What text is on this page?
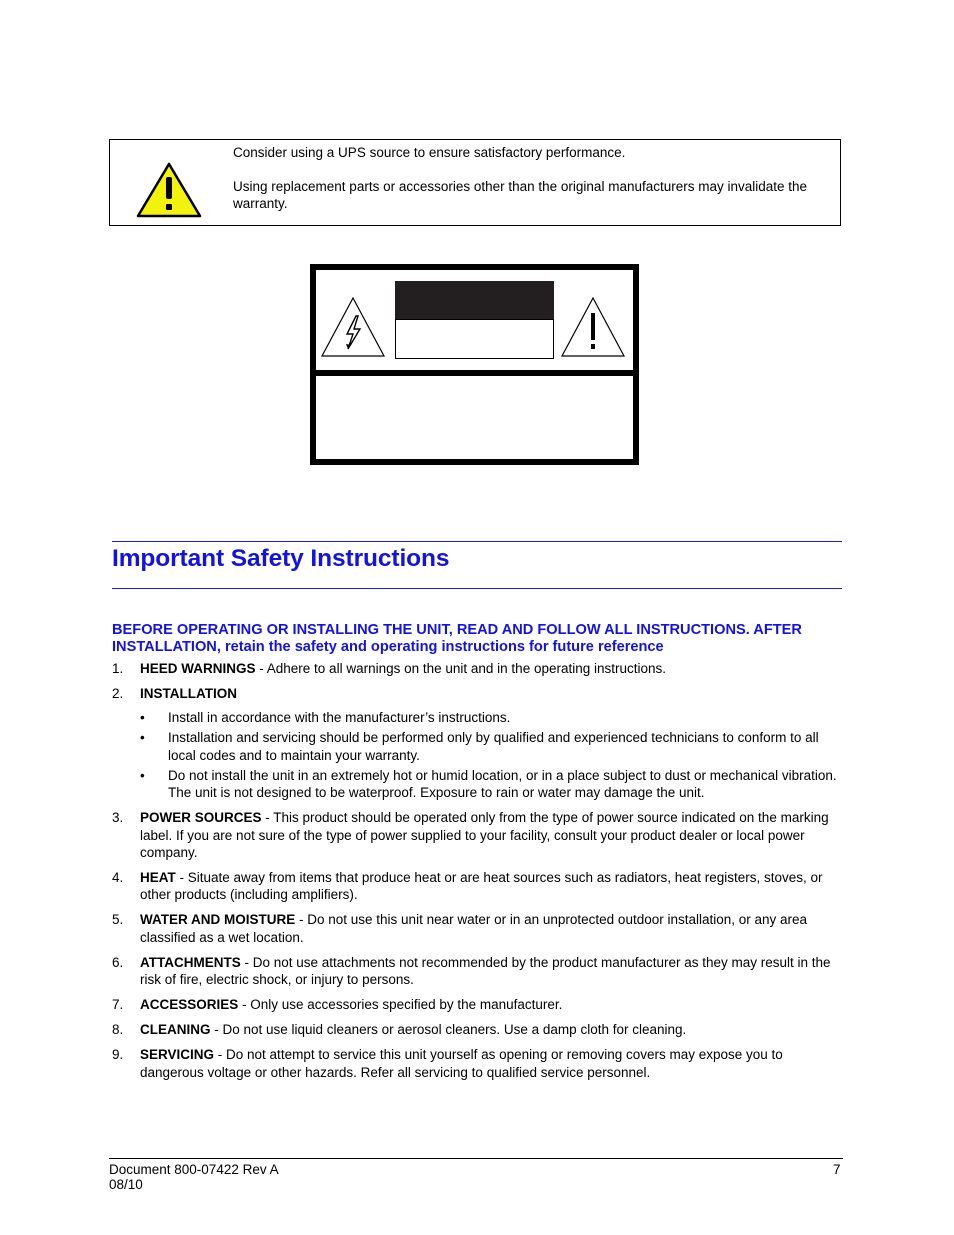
Consider using a UPS source to ensure satisfactory performance.
Using replacement parts or accessories other than the original manufacturers may invalidate the warranty.
Important Safety Instructions
BEFORE OPERATING OR INSTALLING THE UNIT, READ AND FOLLOW ALL INSTRUCTIONS. AFTER INSTALLATION, retain the safety and operating instructions for future reference
1. HEED WARNINGS - Adhere to all warnings on the unit and in the operating instructions.
2. INSTALLATION
• Install in accordance with the manufacturer’s instructions.
• Installation and servicing should be performed only by qualified and experienced technicians to conform to all local codes and to maintain your warranty.
• Do not install the unit in an extremely hot or humid location, or in a place subject to dust or mechanical vibration. The unit is not designed to be waterproof. Exposure to rain or water may damage the unit.
3. POWER SOURCES - This product should be operated only from the type of power source indicated on the marking label. If you are not sure of the type of power supplied to your facility, consult your product dealer or local power company.
4. HEAT - Situate away from items that produce heat or are heat sources such as radiators, heat registers, stoves, or other products (including amplifiers).
5. WATER AND MOISTURE - Do not use this unit near water or in an unprotected outdoor installation, or any area classified as a wet location.
6. ATTACHMENTS - Do not use attachments not recommended by the product manufacturer as they may result in the risk of fire, electric shock, or injury to persons.
7. ACCESSORIES - Only use accessories specified by the manufacturer.
8. CLEANING - Do not use liquid cleaners or aerosol cleaners. Use a damp cloth for cleaning.
9. SERVICING - Do not attempt to service this unit yourself as opening or removing covers may expose you to dangerous voltage or other hazards. Refer all servicing to qualified service personnel.
Document 800-07422 Rev A
08/10
7
